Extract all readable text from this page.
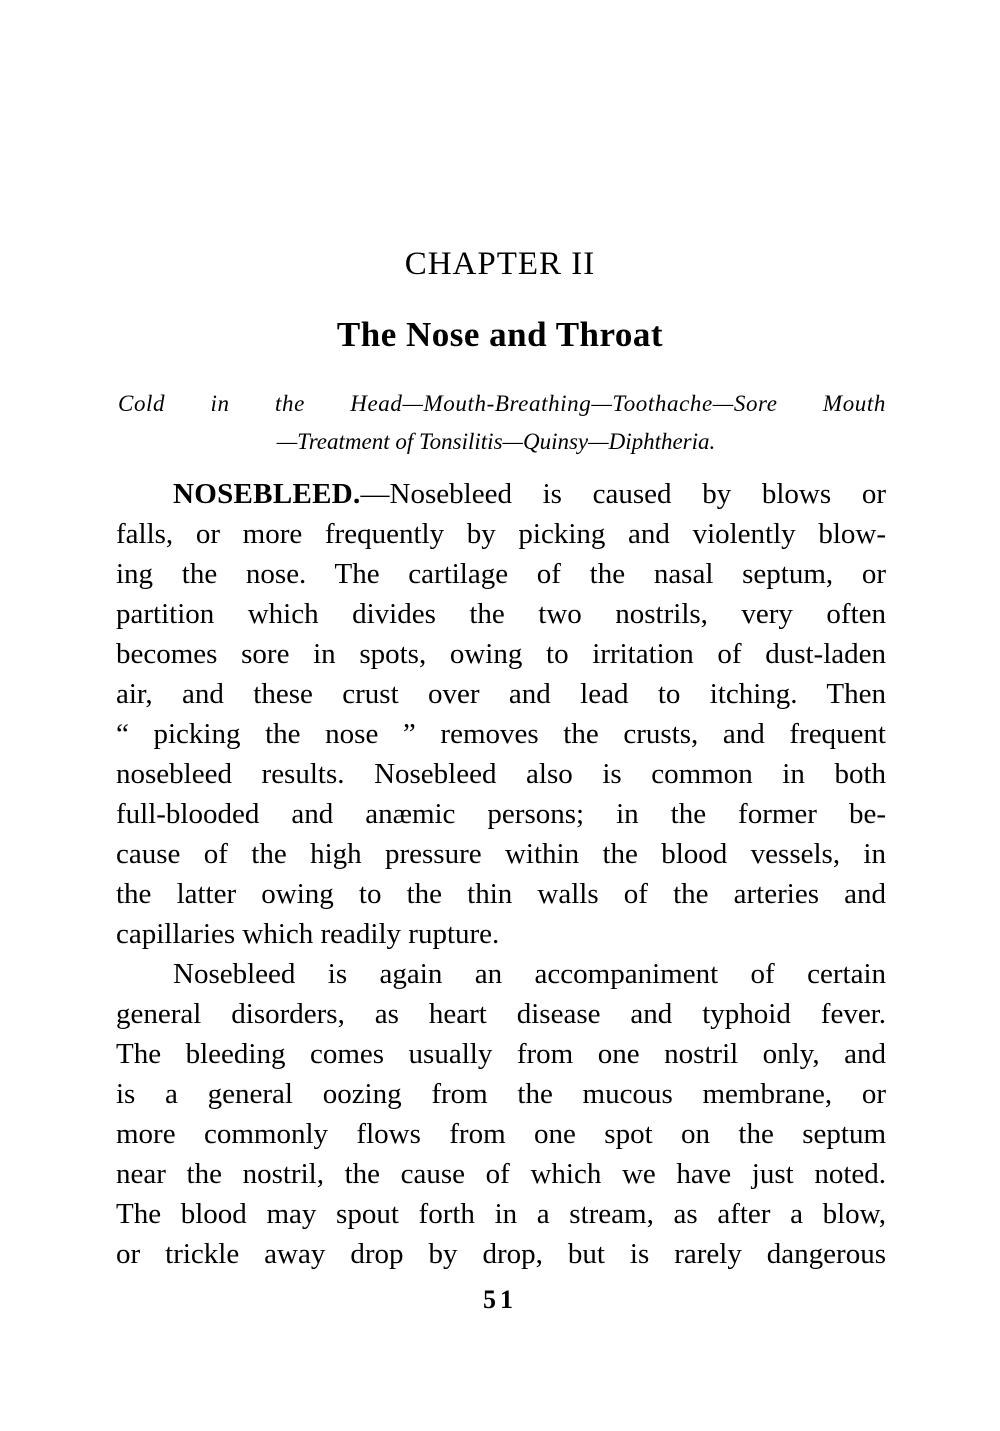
CHAPTER II
The Nose and Throat
Cold in the Head—Mouth-Breathing—Toothache—Sore Mouth
—Treatment of Tonsilitis—Quinsy—Diphtheria.
NOSEBLEED.—Nosebleed is caused by blows or
falls, or more frequently by picking and violently blow-
ing the nose. The cartilage of the nasal septum, or
partition which divides the two nostrils, very often
becomes sore in spots, owing to irritation of dust-laden
air, and these crust over and lead to itching. Then
“ picking the nose ” removes the crusts, and frequent
nosebleed results. Nosebleed also is common in both
full-blooded and anæmic persons; in the former be-
cause of the high pressure within the blood vessels, in
the latter owing to the thin walls of the arteries and
capillaries which readily rupture.
Nosebleed is again an accompaniment of certain
general disorders, as heart disease and typhoid fever.
The bleeding comes usually from one nostril only, and
is a general oozing from the mucous membrane, or
more commonly flows from one spot on the septum
near the nostril, the cause of which we have just noted.
The blood may spout forth in a stream, as after a blow,
or trickle away drop by drop, but is rarely dangerous
51
